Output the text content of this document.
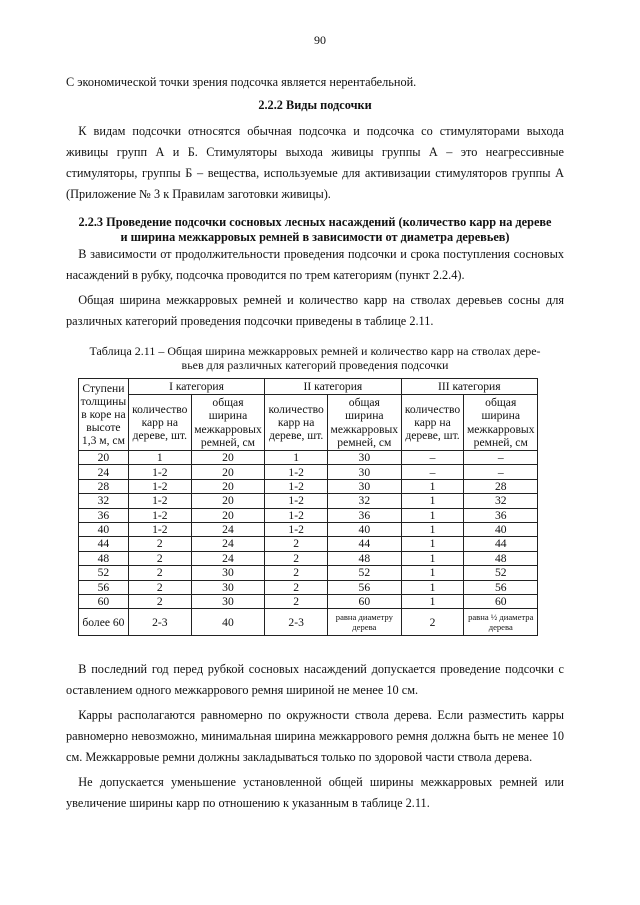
90

С экономической точки зрения подсочка является нерентабельной.

2.2.2 Виды подсочки

К видам подсочки относятся обычная подсочка и подсочка со стимуляторами выхода живицы групп А и Б. Стимуляторы выхода живицы группы А – это неагрессивные стимуляторы, группы Б – вещества, используемые для активизации стимуляторов группы А (Приложение № 3 к Правилам заготовки живицы).

2.2.3 Проведение подсочки сосновых лесных насаждений (количество карр на дереве
и ширина межкарровых ремней в зависимости от диаметра деревьев)

В зависимости от продолжительности проведения подсочки и срока поступления сосновых насаждений в рубку, подсочка проводится по трем категориям (пункт 2.2.4).

Общая ширина межкарровых ремней и количество карр на стволах деревьев сосны для различных категорий проведения подсочки приведены в таблице 2.11.

Таблица 2.11 – Общая ширина межкарровых ремней и количество карр на стволах дере-
вьев для различных категорий проведения подсочки

Ступени толщины в коре на высоте 1,3 м, см	I категория		II категория		III категория	
	количество карр на дереве, шт.	общая ширина межкарровых ремней, см	количество карр на дереве, шт.	общая ширина межкарровых ремней, см	количество карр на дереве, шт.	общая ширина межкарровых ремней, см
20	1	20	1	30	–	–
24	1-2	20	1-2	30	–	–
28	1-2	20	1-2	30	1	28
32	1-2	20	1-2	32	1	32
36	1-2	20	1-2	36	1	36
40	1-2	24	1-2	40	1	40
44	2	24	2	44	1	44
48	2	24	2	48	1	48
52	2	30	2	52	1	52
56	2	30	2	56	1	56
60	2	30	2	60	1	60
более 60	2-3	40	2-3	равна диаметру дерева	2	равна ½ диаметра дерева

В последний год перед рубкой сосновых насаждений допускается проведение подсочки с оставлением одного межкаррового ремня шириной не менее 10 см.

Карры располагаются равномерно по окружности ствола дерева. Если разместить карры равномерно невозможно, минимальная ширина межкаррового ремня должна быть не менее 10 см. Межкарровые ремни должны закладываться только по здоровой части ствола дерева.

Не допускается уменьшение установленной общей ширины межкарровых ремней или увеличение ширины карр по отношению к указанным в таблице 2.11.
